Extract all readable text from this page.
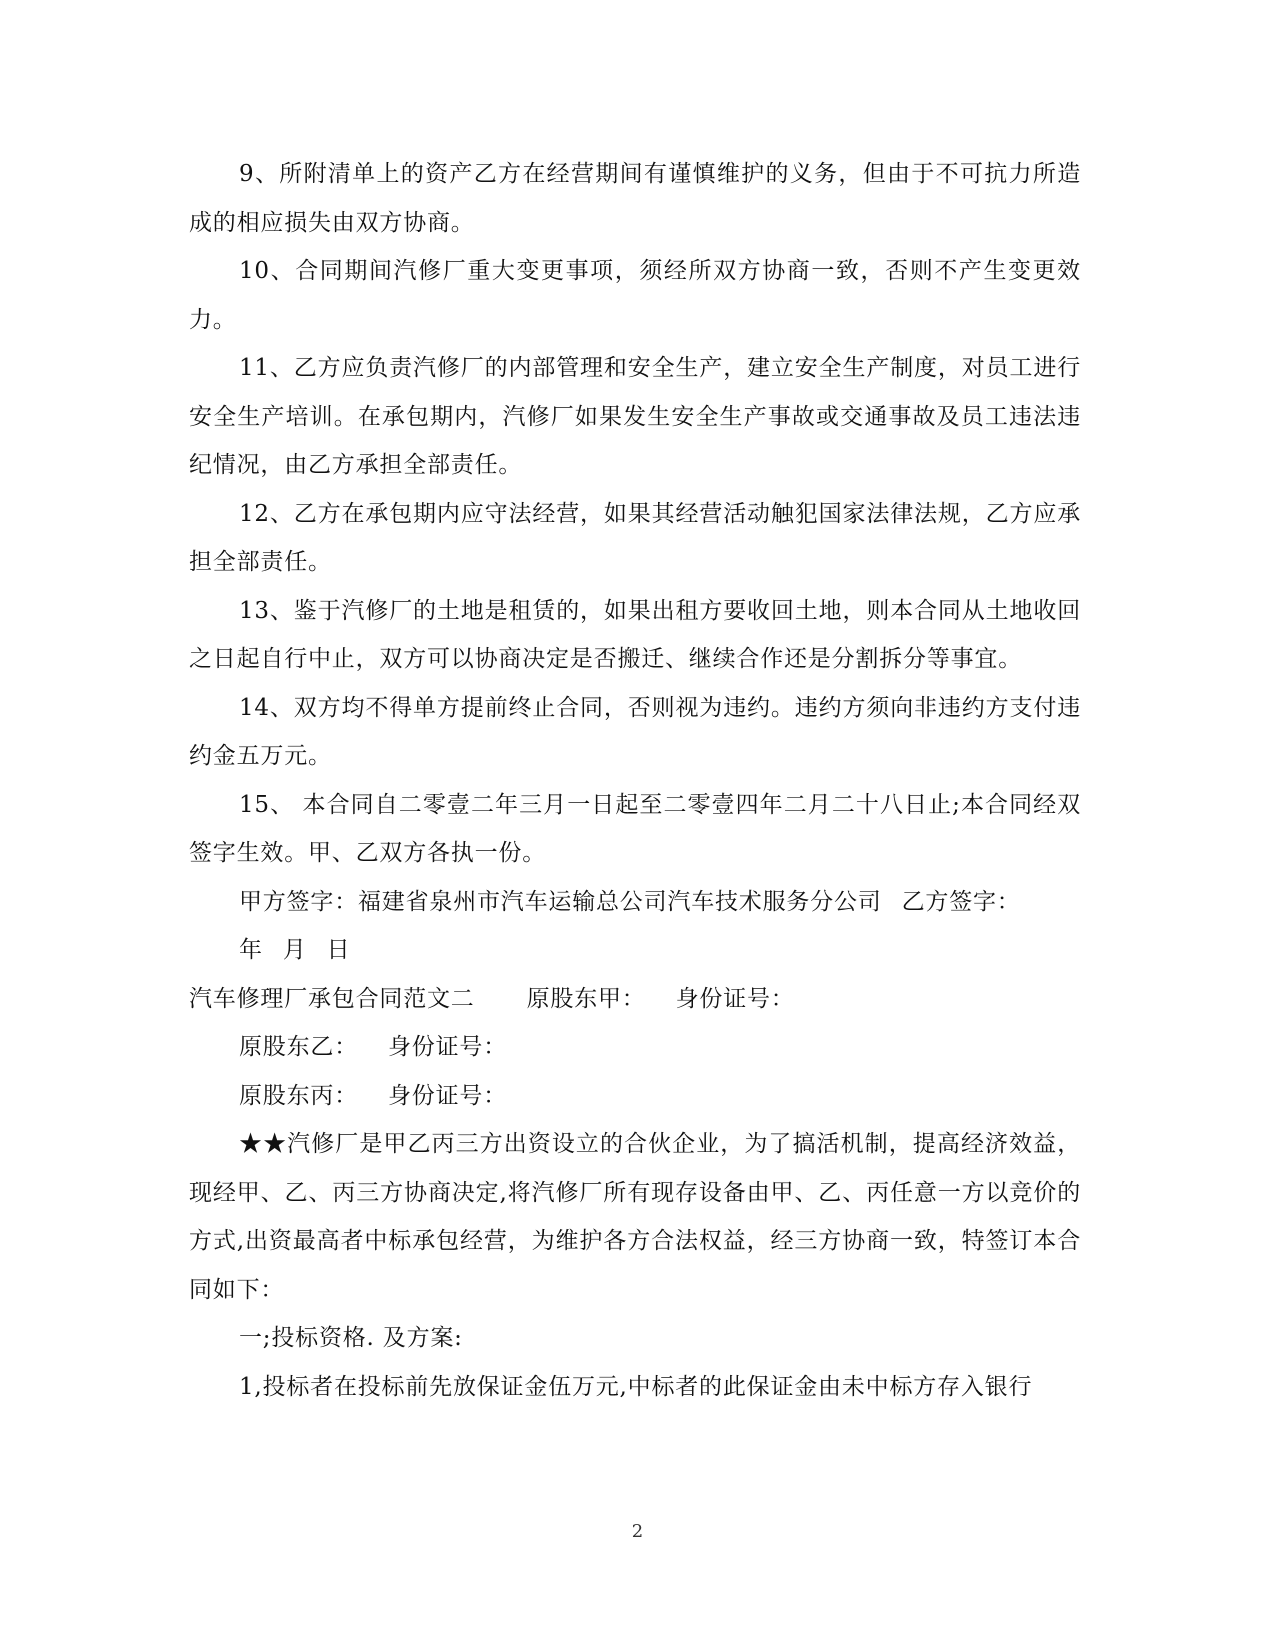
9、所附清单上的资产乙方在经营期间有谨慎维护的义务，但由于不可抗力所造成的相应损失由双方协商。

10、合同期间汽修厂重大变更事项，须经所双方协商一致，否则不产生变更效力。

11、乙方应负责汽修厂的内部管理和安全生产，建立安全生产制度，对员工进行安全生产培训。在承包期内，汽修厂如果发生安全生产事故或交通事故及员工违法违纪情况，由乙方承担全部责任。

12、乙方在承包期内应守法经营，如果其经营活动触犯国家法律法规，乙方应承担全部责任。

13、鉴于汽修厂的土地是租赁的，如果出租方要收回土地，则本合同从土地收回之日起自行中止，双方可以协商决定是否搬迁、继续合作还是分割拆分等事宜。

14、双方均不得单方提前终止合同，否则视为违约。违约方须向非违约方支付违约金五万元。

15、 本合同自二零壹二年三月一日起至二零壹四年二月二十八日止;本合同经双签字生效。甲、乙双方各执一份。

甲方签字：福建省泉州市汽车运输总公司汽车技术服务分公司 乙方签字：

年 月 日

汽车修理厂承包合同范文二 原股东甲： 身份证号：

原股东乙： 身份证号：

原股东丙： 身份证号：

★★汽修厂是甲乙丙三方出资设立的合伙企业，为了搞活机制，提高经济效益，现经甲、乙、丙三方协商决定,将汽修厂所有现存设备由甲、乙、丙任意一方以竞价的方式,出资最高者中标承包经营，为维护各方合法权益，经三方协商一致，特签订本合同如下：

一;投标资格. 及方案:

1,投标者在投标前先放保证金伍万元,中标者的此保证金由未中标方存入银行

2
